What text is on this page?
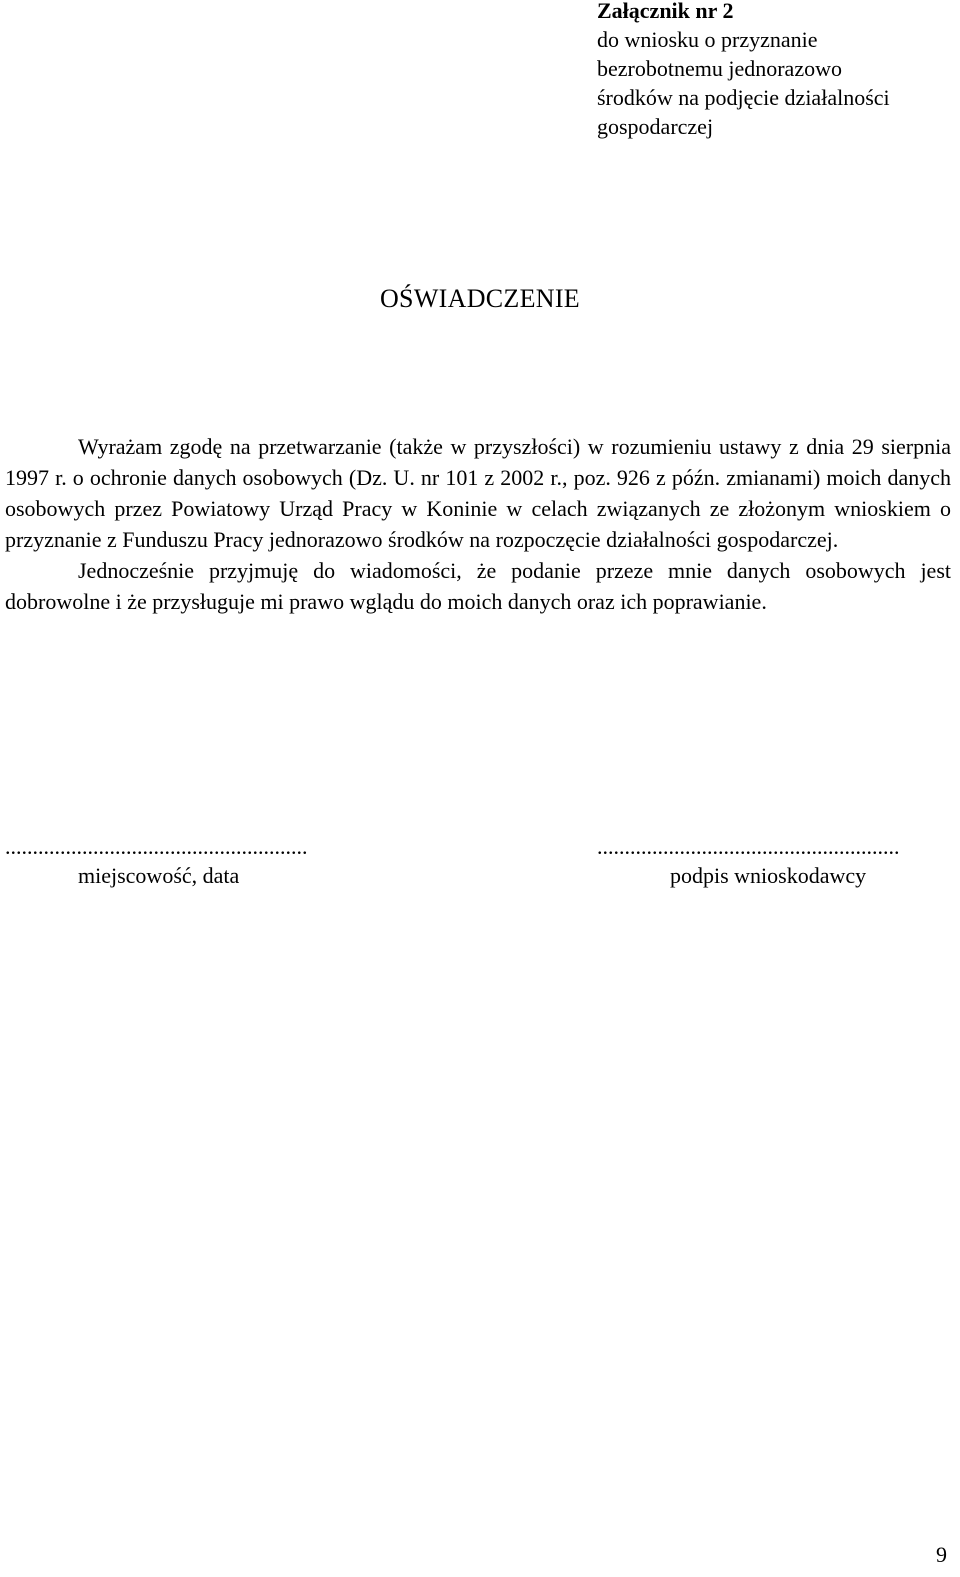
Załącznik nr 2
do wniosku o przyznanie
bezrobotnemu jednorazowo
środków na podjęcie działalności
gospodarczej
OŚWIADCZENIE

Wyrażam zgodę na przetwarzanie (także w przyszłości) w rozumieniu ustawy z dnia 29 sierpnia 1997 r. o ochronie danych osobowych (Dz. U. nr 101 z 2002 r., poz. 926 z późn. zmianami) moich danych osobowych przez Powiatowy Urząd Pracy w Koninie w celach związanych ze złożonym wnioskiem o przyznanie z Funduszu Pracy jednorazowo środków na rozpoczęcie działalności gospodarczej.

Jednocześnie przyjmuję do wiadomości, że podanie przeze mnie danych osobowych jest dobrowolne i że przysługuje mi prawo wglądu do moich danych oraz ich poprawianie.

.......................................................
miejscowość, data
.......................................................
podpis wnioskodawcy
9
